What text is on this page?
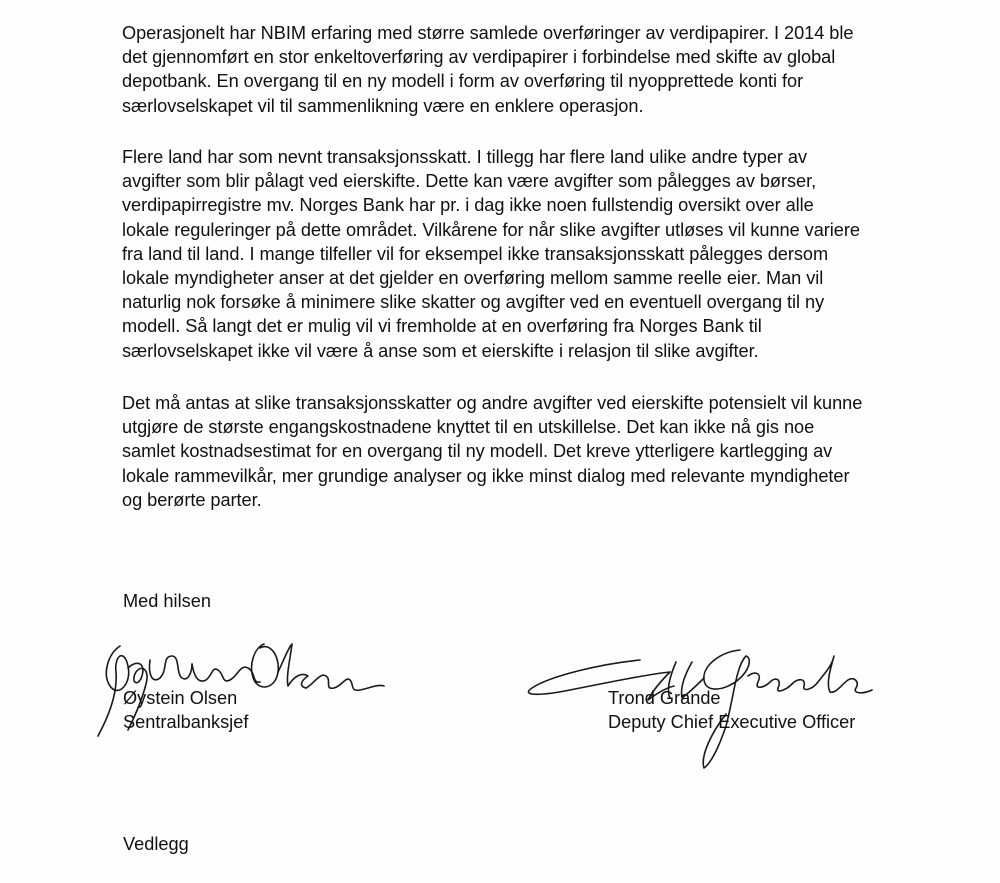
Operasjonelt har NBIM erfaring med større samlede overføringer av verdipapirer. I 2014 ble
det gjennomført en stor enkeltoverføring av verdipapirer i forbindelse med skifte av global
depotbank. En overgang til en ny modell i form av overføring til nyopprettede konti for
særlovselskapet vil til sammenlikning være en enklere operasjon.

Flere land har som nevnt transaksjonsskatt. I tillegg har flere land ulike andre typer av
avgifter som blir pålagt ved eierskifte. Dette kan være avgifter som pålegges av børser,
verdipapirregistre mv. Norges Bank har pr. i dag ikke noen fullstendig oversikt over alle
lokale reguleringer på dette området. Vilkårene for når slike avgifter utløses vil kunne variere
fra land til land. I mange tilfeller vil for eksempel ikke transaksjonsskatt pålegges dersom
lokale myndigheter anser at det gjelder en overføring mellom samme reelle eier. Man vil
naturlig nok forsøke å minimere slike skatter og avgifter ved en eventuell overgang til ny
modell. Så langt det er mulig vil vi fremholde at en overføring fra Norges Bank til
særlovselskapet ikke vil være å anse som et eierskifte i relasjon til slike avgifter.

Det må antas at slike transaksjonsskatter og andre avgifter ved eierskifte potensielt vil kunne
utgjøre de største engangskostnadene knyttet til en utskillelse. Det kan ikke nå gis noe
samlet kostnadsestimat for en overgang til ny modell. Det kreve ytterligere kartlegging av
lokale rammevilkår, mer grundige analyser og ikke minst dialog med relevante myndigheter
og berørte parter.

Med hilsen

Øystein Olsen

Sentralbanksjef

Trond Grande

Deputy Chief Executive Officer

Vedlegg
